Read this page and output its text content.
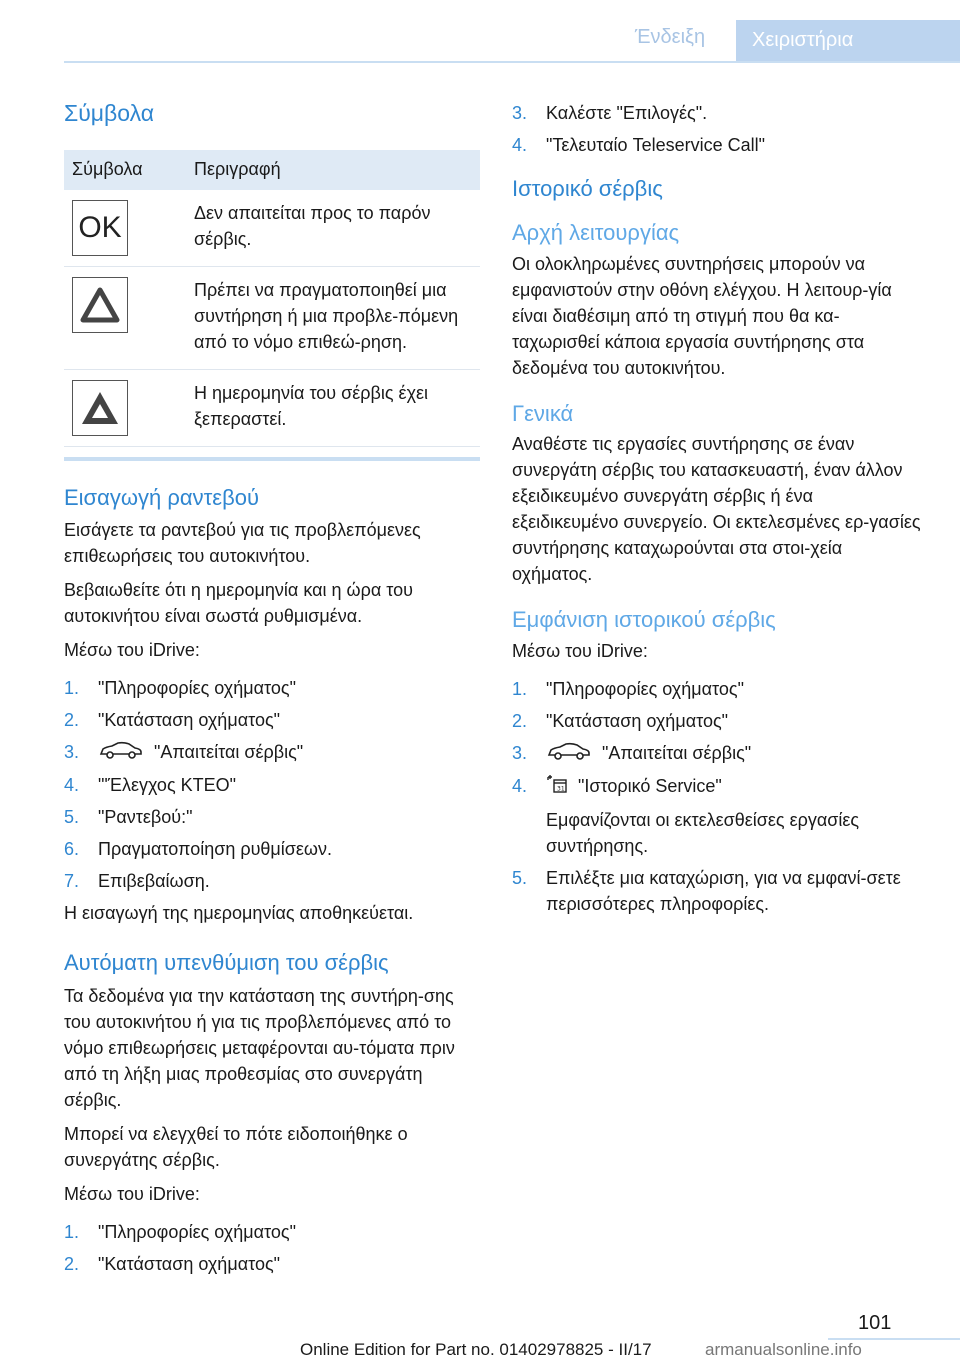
Ένδειξη	Χειριστήρια
Σύμβολα
Σύμβολα	Περιγραφή
OK	Δεν απαιτείται προς το παρόν σέρβις.

Πρέπει να πραγματοποιηθεί μια συντήρηση ή μια προβλε-πόμενη από το νόμο επιθεώ-ρηση.

Η ημερομηνία του σέρβις έχει ξεπεραστεί.

Εισαγωγή ραντεβού

Εισάγετε τα ραντεβού για τις προβλεπόμενες επιθεωρήσεις του αυτοκινήτου.

Βεβαιωθείτε ότι η ημερομηνία και η ώρα του αυτοκινήτου είναι σωστά ρυθμισμένα.

Μέσω του iDrive:

1.	"Πληροφορίες οχήματος"
2.	"Κατάσταση οχήματος"
3.	"Απαιτείται σέρβις"
4.	"'Έλεγχος ΚΤΕΟ"
5.	"Ραντεβού:"
6.	Πραγματοποίηση ρυθμίσεων.
7.	Επιβεβαίωση.

Η εισαγωγή της ημερομηνίας αποθηκεύεται.

Αυτόματη υπενθύμιση του σέρβις

Τα δεδομένα για την κατάσταση της συντήρη-σης του αυτοκινήτου ή για τις προβλεπόμενες από το νόμο επιθεωρήσεις μεταφέρονται αυ-τόματα πριν από τη λήξη μιας προθεσμίας στο συνεργάτη σέρβις.

Μπορεί να ελεγχθεί το πότε ειδοποιήθηκε ο συνεργάτης σέρβις.

Μέσω του iDrive:

1.	"Πληροφορίες οχήματος"
2.	"Κατάσταση οχήματος"
3.	Καλέστε "Επιλογές".
4.	"Τελευταίο Teleservice Call"
Ιστορικό σέρβις
Αρχή λειτουργίας

Οι ολοκληρωμένες συντηρήσεις μπορούν να εμφανιστούν στην οθόνη ελέγχου. Η λειτουρ-γία είναι διαθέσιμη από τη στιγμή που θα κα-ταχωρισθεί κάποια εργασία συντήρησης στα δεδομένα του αυτοκινήτου.

Γενικά

Αναθέστε τις εργασίες συντήρησης σε έναν συνεργάτη σέρβις του κατασκευαστή, έναν άλλον εξειδικευμένο συνεργάτη σέρβις ή ένα εξειδικευμένο συνεργείο. Οι εκτελεσμένες ερ-γασίες συντήρησης καταχωρούνται στα στοι-χεία οχήματος.

Εμφάνιση ιστορικού σέρβις

Μέσω του iDrive:

1.	"Πληροφορίες οχήματος"
2.	"Κατάσταση οχήματος"
3.	"Απαιτείται σέρβις"
4.	31 "Ιστορικό Service"
Εμφανίζονται οι εκτελεσθείσες εργασίες συντήρησης.
5.	Επιλέξτε μια καταχώριση, για να εμφανί-σετε περισσότερες πληροφορίες.
101
Online Edition for Part no. 01402978825 - II/17	armanualsonline.info
